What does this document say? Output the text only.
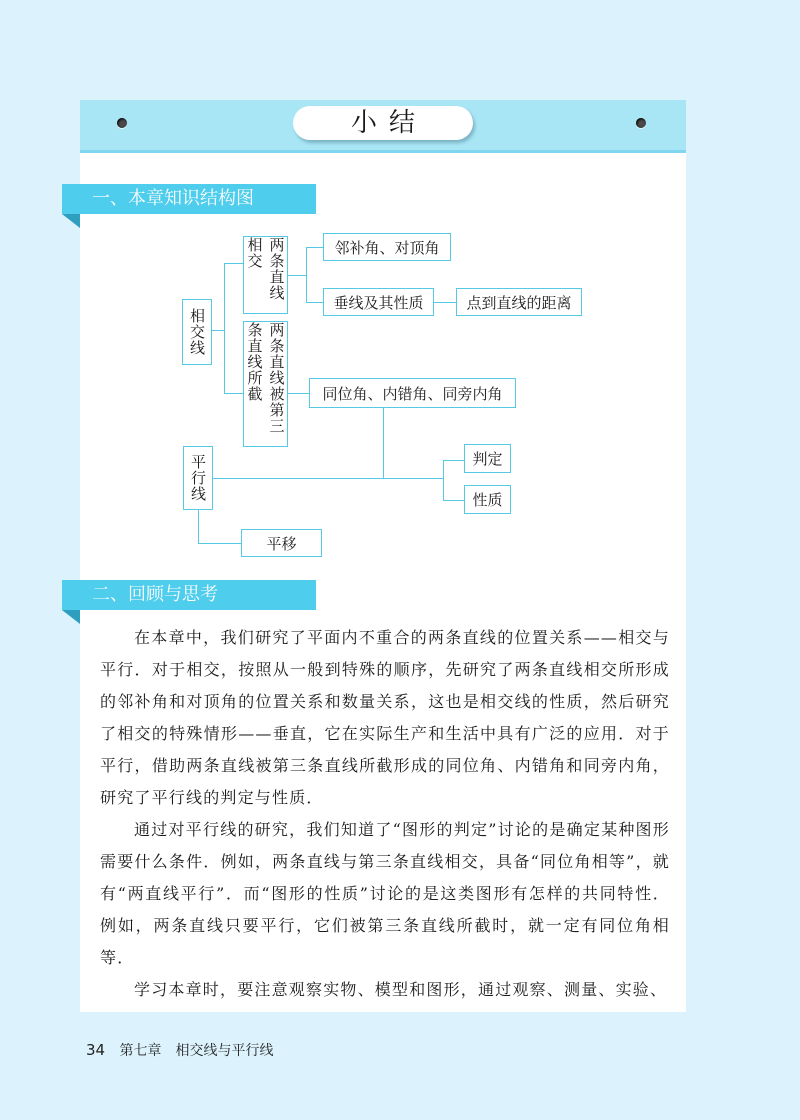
小结
一、本章知识结构图
相交线
两条直线相交
两条直线被第三条直线所截
邻补角、对顶角
垂线及其性质	点到直线的距离
同位角、内错角、同旁内角
平行线	判定
性质
平移
二、回顾与思考

在本章中，我们研究了平面内不重合的两条直线的位置关系——相交与平行．对于相交，按照从一般到特殊的顺序，先研究了两条直线相交所形成的邻补角和对顶角的位置关系和数量关系，这也是相交线的性质，然后研究了相交的特殊情形——垂直，它在实际生产和生活中具有广泛的应用．对于平行，借助两条直线被第三条直线所截形成的同位角、内错角和同旁内角，研究了平行线的判定与性质．

通过对平行线的研究，我们知道了“图形的判定”讨论的是确定某种图形需要什么条件．例如，两条直线与第三条直线相交，具备“同位角相等”，就有“两直线平行”．而“图形的性质”讨论的是这类图形有怎样的共同特性．例如，两条直线只要平行，它们被第三条直线所截时，就一定有同位角相等．

学习本章时，要注意观察实物、模型和图形，通过观察、测量、实验、

34 第七章　相交线与平行线
